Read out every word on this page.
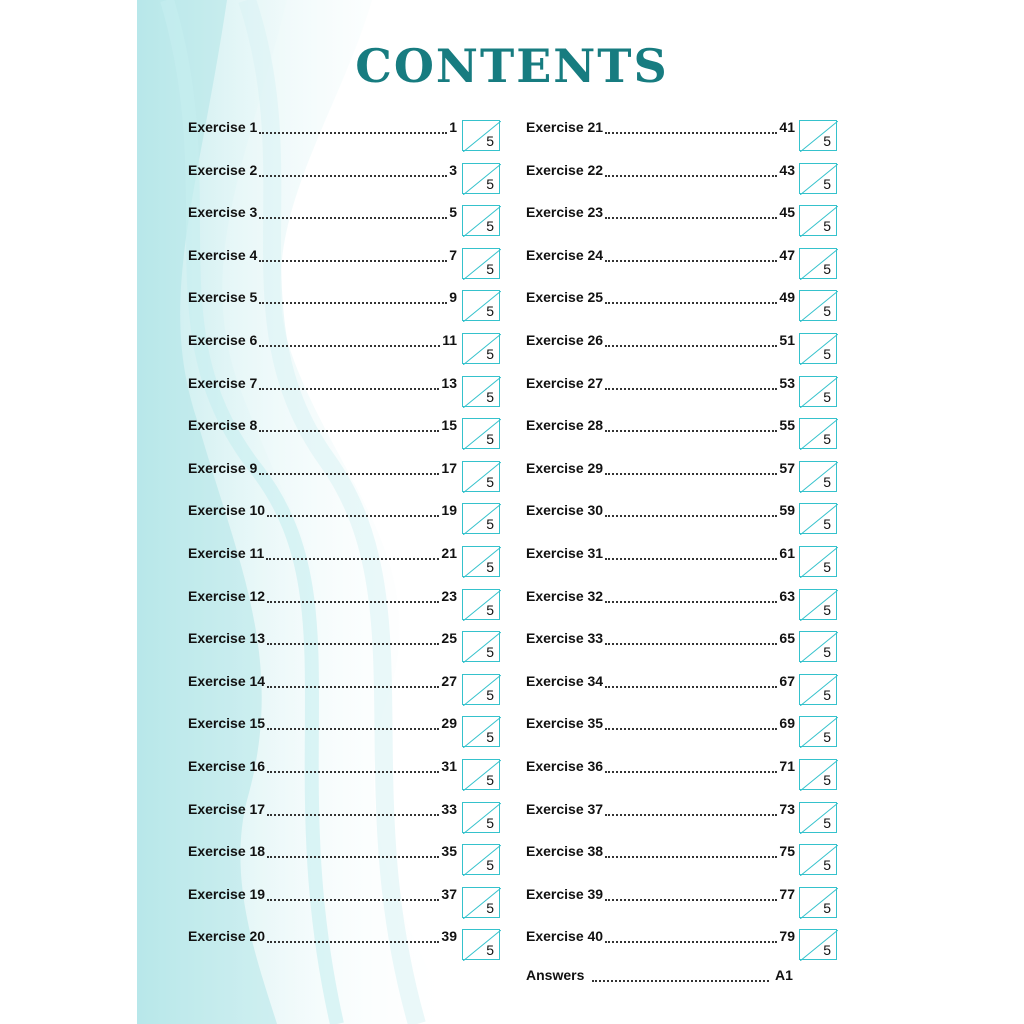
CONTENTS
Exercise 1	1
5
Exercise 2	3
5
Exercise 3	5
5
Exercise 4	7
5
Exercise 5	9
5
Exercise 6	11
5
Exercise 7	13
5
Exercise 8	15
5
Exercise 9	17
5
Exercise 10	19
5
Exercise 11	21
5
Exercise 12	23
5
Exercise 13	25
5
Exercise 14	27
5
Exercise 15	29
5
Exercise 16	31
5
Exercise 17	33
5
Exercise 18	35
5
Exercise 19	37
5
Exercise 20	39
5
Exercise 21	41
5
Exercise 22	43
5
Exercise 23	45
5
Exercise 24	47
5
Exercise 25	49
5
Exercise 26	51
5
Exercise 27	53
5
Exercise 28	55
5
Exercise 29	57
5
Exercise 30	59
5
Exercise 31	61
5
Exercise 32	63
5
Exercise 33	65
5
Exercise 34	67
5
Exercise 35	69
5
Exercise 36	71
5
Exercise 37	73
5
Exercise 38	75
5
Exercise 39	77
5
Exercise 40	79
5
Answers	A1
